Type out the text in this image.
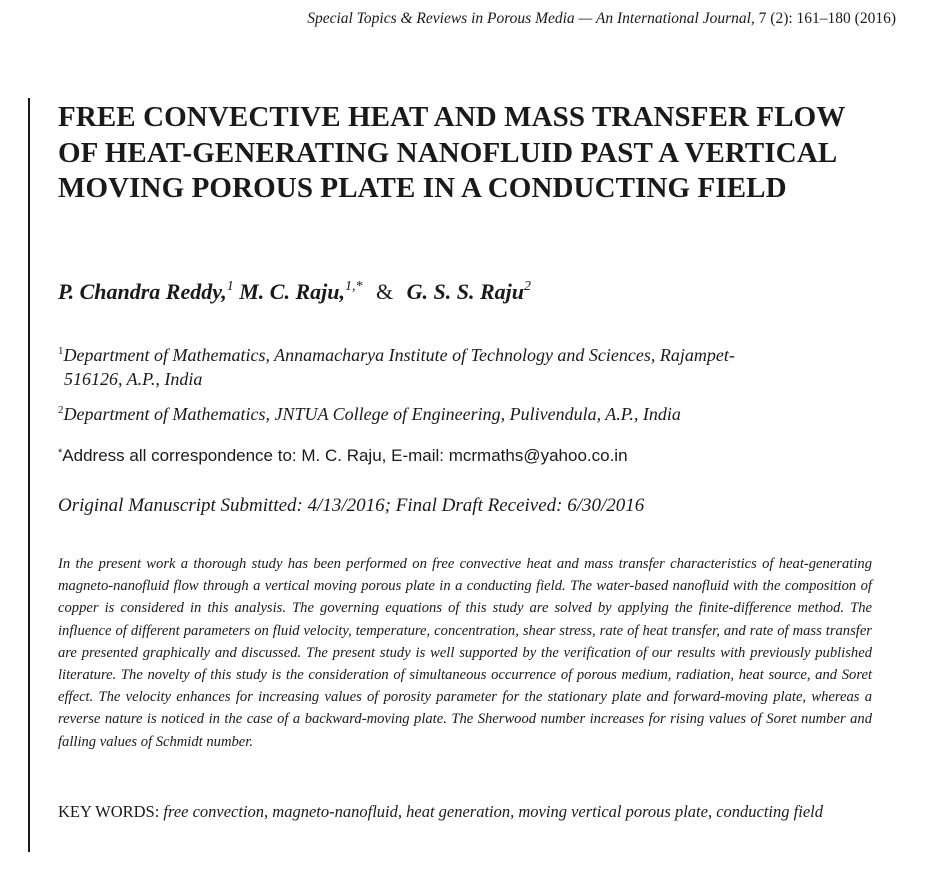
Special Topics & Reviews in Porous Media — An International Journal, 7 (2): 161–180 (2016)
FREE CONVECTIVE HEAT AND MASS TRANSFER FLOW OF HEAT-GENERATING NANOFLUID PAST A VERTICAL MOVING POROUS PLATE IN A CONDUCTING FIELD
P. Chandra Reddy,$^1$ M. C. Raju,$^{1,*}$ & G. S. S. Raju$^2$
$^1$Department of Mathematics, Annamacharya Institute of Technology and Sciences, Rajampet-
516126, A.P., India
$^2$Department of Mathematics, JNTUA College of Engineering, Pulivendula, A.P., India
*Address all correspondence to: M. C. Raju, E-mail: mcrmaths@yahoo.co.in
Original Manuscript Submitted: 4/13/2016; Final Draft Received: 6/30/2016

In the present work a thorough study has been performed on free convective heat and mass transfer characteristics of heat-generating magneto-nanofluid flow through a vertical moving porous plate in a conducting field. The water-based nanofluid with the composition of copper is considered in this analysis. The governing equations of this study are solved by applying the finite-difference method. The influence of different parameters on fluid velocity, temperature, concentration, shear stress, rate of heat transfer, and rate of mass transfer are presented graphically and discussed. The present study is well supported by the verification of our results with previously published literature. The novelty of this study is the consideration of simultaneous occurrence of porous medium, radiation, heat source, and Soret effect. The velocity enhances for increasing values of porosity parameter for the stationary plate and forward-moving plate, whereas a reverse nature is noticed in the case of a backward-moving plate. The Sherwood number increases for rising values of Soret number and falling values of Schmidt number.

KEY WORDS: free convection, magneto-nanofluid, heat generation, moving vertical porous plate, conducting field
